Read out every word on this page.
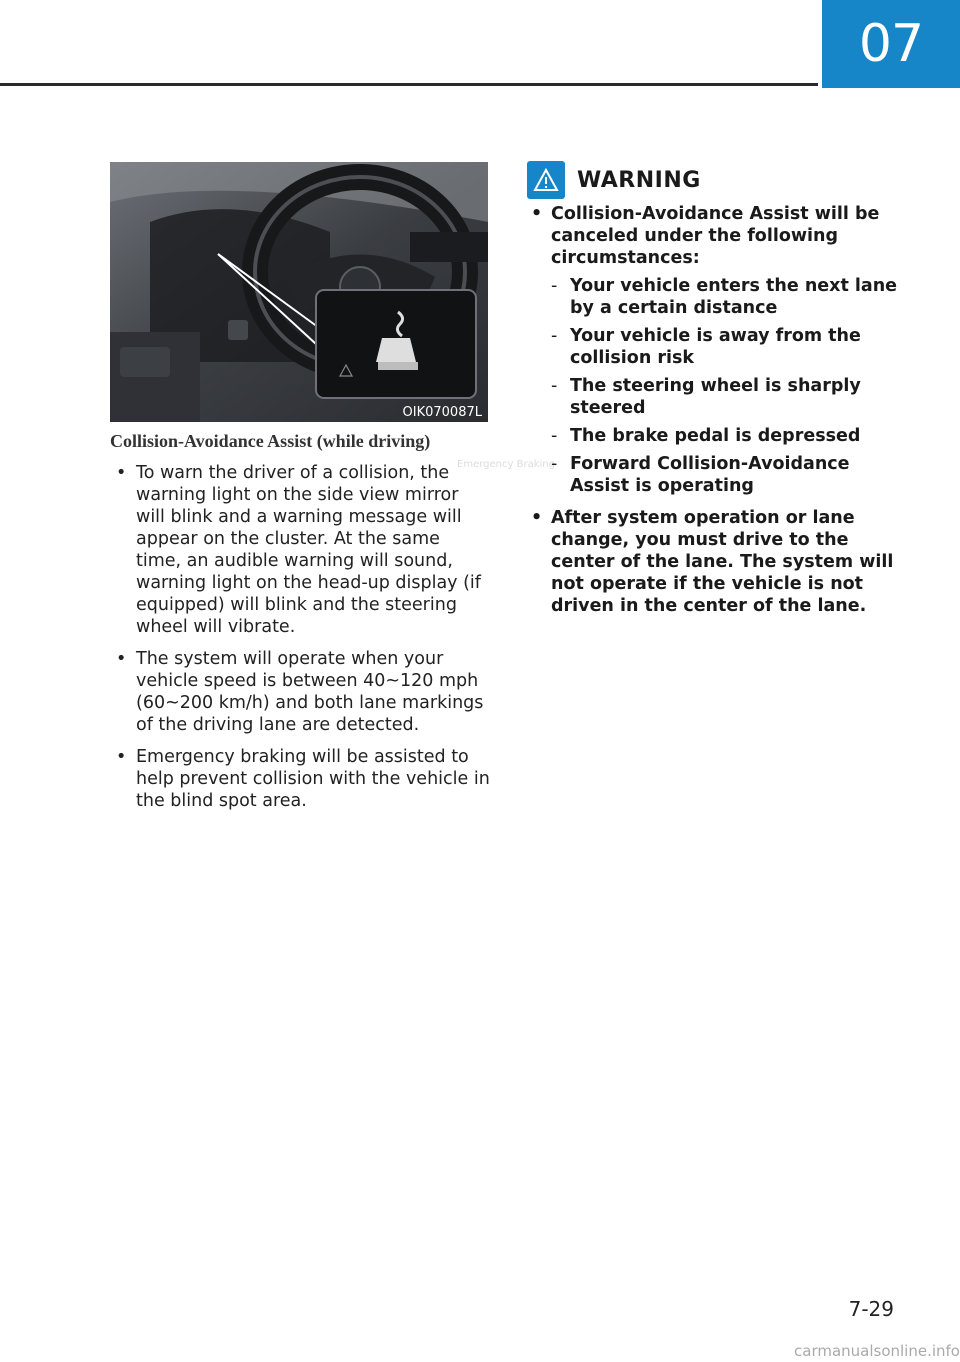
07
Emergency Braking
OIK070087L
Collision-Avoidance Assist (while driving)
• To warn the driver of a collision, the warning light on the side view mirror will blink and a warning message will appear on the cluster. At the same time, an audible warning will sound, warning light on the head-up display (if equipped) will blink and the steering wheel will vibrate.
• The system will operate when your vehicle speed is between 40~120 mph (60~200 km/h) and both lane markings of the driving lane are detected.
• Emergency braking will be assisted to help prevent collision with the vehicle in the blind spot area.
WARNING
• Collision-Avoidance Assist will be canceled under the following circumstances:
- Your vehicle enters the next lane by a certain distance
- Your vehicle is away from the collision risk
- The steering wheel is sharply steered
- The brake pedal is depressed
- Forward Collision-Avoidance Assist is operating
• After system operation or lane change, you must drive to the center of the lane. The system will not operate if the vehicle is not driven in the center of the lane.
7-29
carmanualsonline.info
